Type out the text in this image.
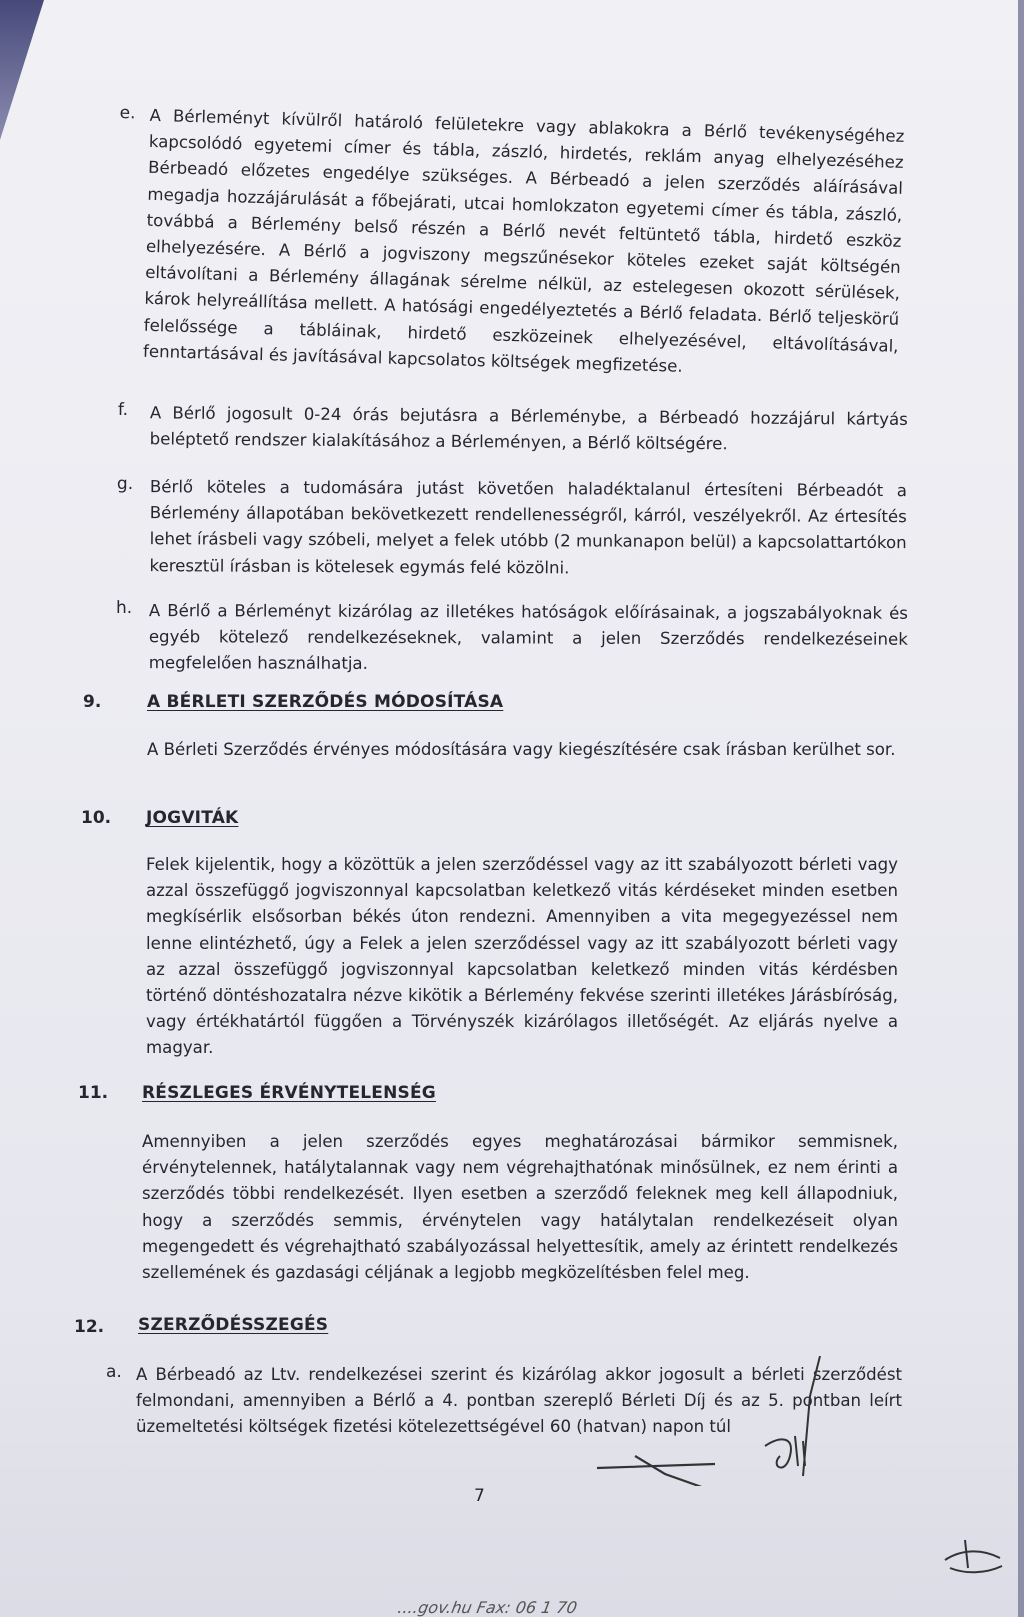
e. A Bérleményt kívülről határoló felületekre vagy ablakokra a Bérlő tevékenységéhez kapcsolódó egyetemi címer és tábla, zászló, hirdetés, reklám anyag elhelyezéséhez Bérbeadó előzetes engedélye szükséges. A Bérbeadó a jelen szerződés aláírásával megadja hozzájárulását a főbejárati, utcai homlokzaton egyetemi címer és tábla, zászló, továbbá a Bérlemény belső részén a Bérlő nevét feltüntető tábla, hirdető eszköz elhelyezésére. A Bérlő a jogviszony megszűnésekor köteles ezeket saját költségén eltávolítani a Bérlemény állagának sérelme nélkül, az estelegesen okozott sérülések, károk helyreállítása mellett. A hatósági engedélyeztetés a Bérlő feladata. Bérlő teljeskörű felelőssége a tábláinak, hirdető eszközeinek elhelyezésével, eltávolításával, fenntartásával és javításával kapcsolatos költségek megfizetése.
f. A Bérlő jogosult 0-24 órás bejutásra a Bérleménybe, a Bérbeadó hozzájárul kártyás beléptető rendszer kialakításához a Bérleményen, a Bérlő költségére.
g. Bérlő köteles a tudomására jutást követően haladéktalanul értesíteni Bérbeadót a Bérlemény állapotában bekövetkezett rendellenességről, kárról, veszélyekről. Az értesítés lehet írásbeli vagy szóbeli, melyet a felek utóbb (2 munkanapon belül) a kapcsolattartókon keresztül írásban is kötelesek egymás felé közölni.
h. A Bérlő a Bérleményt kizárólag az illetékes hatóságok előírásainak, a jogszabályoknak és egyéb kötelező rendelkezéseknek, valamint a jelen Szerződés rendelkezéseinek megfelelően használhatja.
9.	A BÉRLETI SZERZŐDÉS MÓDOSÍTÁSA
A Bérleti Szerződés érvényes módosítására vagy kiegészítésére csak írásban kerülhet sor.
10. JOGVITÁK
Felek kijelentik, hogy a közöttük a jelen szerződéssel vagy az itt szabályozott bérleti vagy azzal összefüggő jogviszonnyal kapcsolatban keletkező vitás kérdéseket minden esetben megkísérlik elsősorban békés úton rendezni. Amennyiben a vita megegyezéssel nem lenne elintézhető, úgy a Felek a jelen szerződéssel vagy az itt szabályozott bérleti vagy az azzal összefüggő jogviszonnyal kapcsolatban keletkező minden vitás kérdésben történő döntéshozatalra nézve kikötik a Bérlemény fekvése szerinti illetékes Járásbíróság, vagy értékhatártól függően a Törvényszék kizárólagos illetőségét. Az eljárás nyelve a magyar.
11. RÉSZLEGES ÉRVÉNYTELENSÉG
Amennyiben a jelen szerződés egyes meghatározásai bármikor semmisnek, érvénytelennek, hatálytalannak vagy nem végrehajthatónak minősülnek, ez nem érinti a szerződés többi rendelkezését. Ilyen esetben a szerződő feleknek meg kell állapodniuk, hogy a szerződés semmis, érvénytelen vagy hatálytalan rendelkezéseit olyan megengedett és végrehajtható szabályozással helyettesítik, amely az érintett rendelkezés szellemének és gazdasági céljának a legjobb megközelítésben felel meg.
12. SZERZŐDÉSSZEGÉS
a. A Bérbeadó az Ltv. rendelkezései szerint és kizárólag akkor jogosult a bérleti szerződést felmondani, amennyiben a Bérlő a 4. pontban szereplő Bérleti Díj és az 5. pontban leírt üzemeltetési költségek fizetési kötelezettségével 60 (hatvan) napon túl
7
....gov.hu Fax: 06 1 70
